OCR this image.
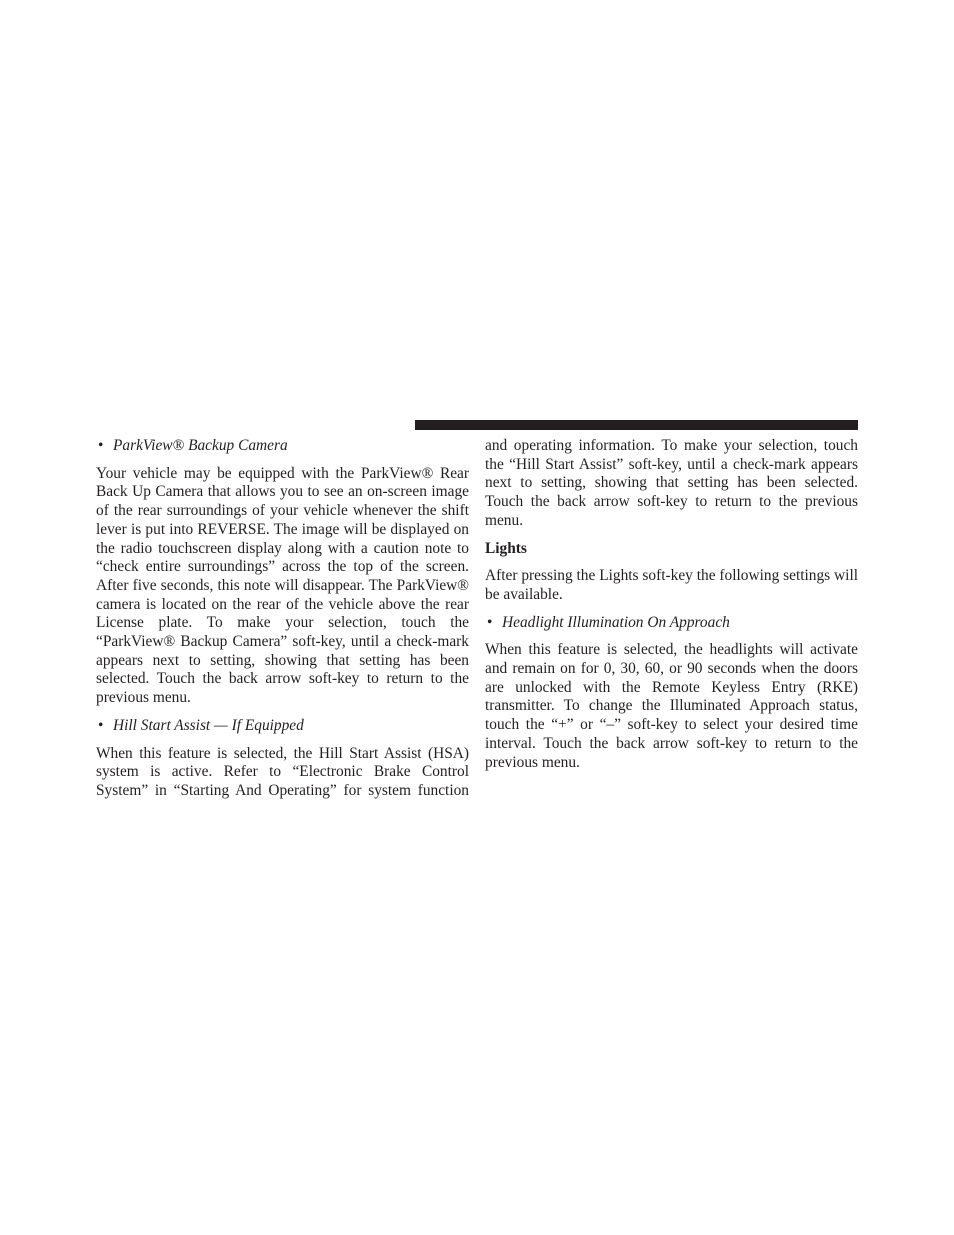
• ParkView® Backup Camera

Your vehicle may be equipped with the ParkView® Rear Back Up Camera that allows you to see an on-screen image of the rear surroundings of your vehicle whenever the shift lever is put into REVERSE. The image will be displayed on the radio touchscreen display along with a caution note to “check entire surroundings” across the top of the screen. After five seconds, this note will disappear. The ParkView® camera is located on the rear of the vehicle above the rear License plate. To make your selection, touch the “ParkView® Backup Camera” soft-key, until a check-mark appears next to setting, showing that setting has been selected. Touch the back arrow soft-key to return to the previous menu.

• Hill Start Assist — If Equipped

When this feature is selected, the Hill Start Assist (HSA) system is active. Refer to “Electronic Brake Control System” in “Starting And Operating” for system function

and operating information. To make your selection, touch the “Hill Start Assist” soft-key, until a check-mark appears next to setting, showing that setting has been selected. Touch the back arrow soft-key to return to the previous menu.

Lights

After pressing the Lights soft-key the following settings will be available.

• Headlight Illumination On Approach

When this feature is selected, the headlights will activate and remain on for 0, 30, 60, or 90 seconds when the doors are unlocked with the Remote Keyless Entry (RKE) transmitter. To change the Illuminated Approach status, touch the “+” or “–” soft-key to select your desired time interval. Touch the back arrow soft-key to return to the previous menu.
